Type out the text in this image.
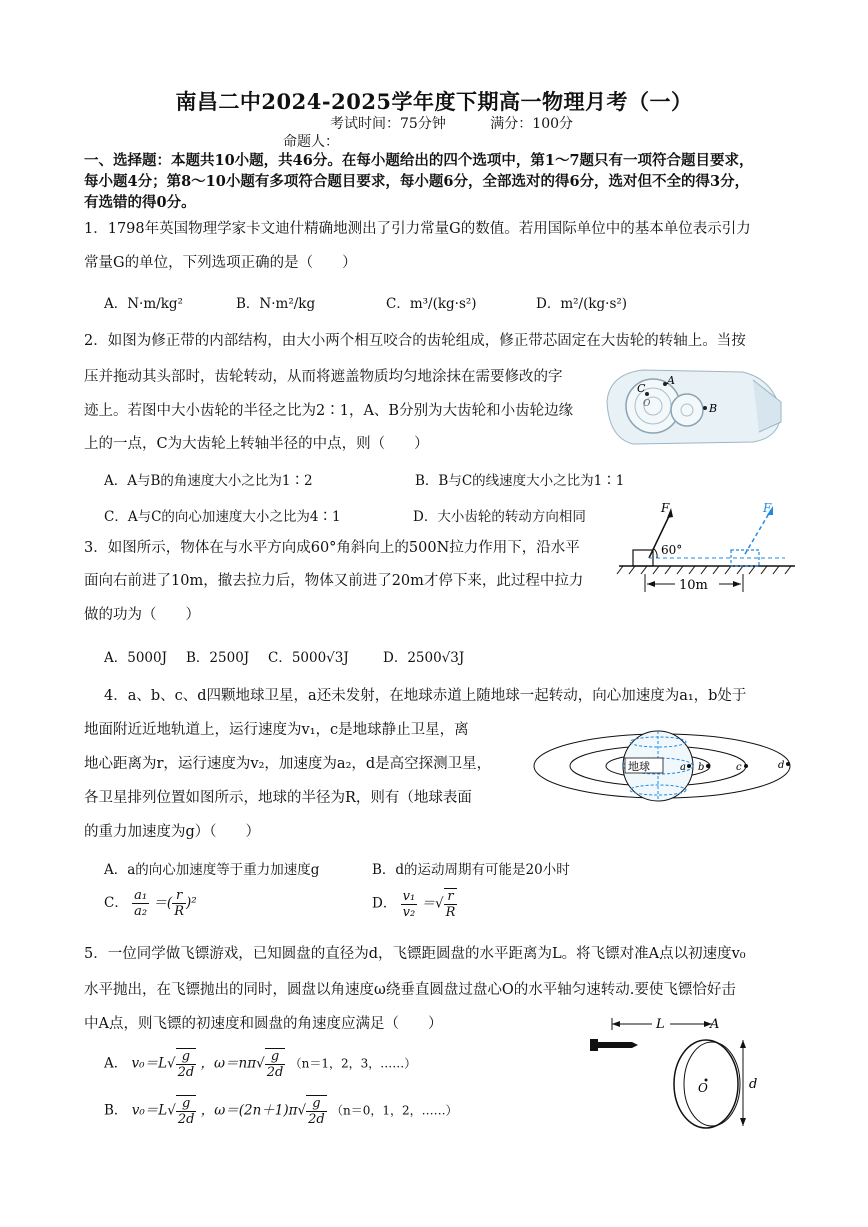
南昌二中2024-2025学年度下期高一物理月考（一）
考试时间：75分钟	满分：100分
命题人：
一、选择题：本题共10小题，共46分。在每小题给出的四个选项中，第1～7题只有一项符合题目要求，
每小题4分；第8～10小题有多项符合题目要求，每小题6分，全部选对的得6分，选对但不全的得3分，
有选错的得0分。
1．1798年英国物理学家卡文迪什精确地测出了引力常量G的数值。若用国际单位中的基本单位表示引力
常量G的单位，下列选项正确的是（　　）
A．N·m/kg²	B．N·m²/kg	C．m³/(kg·s²)	D．m²/(kg·s²)
2．如图为修正带的内部结构，由大小两个相互咬合的齿轮组成，修正带芯固定在大齿轮的转轴上。当按
压并拖动其头部时，齿轮转动，从而将遮盖物质均匀地涂抹在需要修改的字
迹上。若图中大小齿轮的半径之比为2∶1，A、B分别为大齿轮和小齿轮边缘
上的一点，C为大齿轮上转轴半径的中点，则（　　）
A．A与B的角速度大小之比为1∶2	B．B与C的线速度大小之比为1∶1
C．A与C的向心加速度大小之比为4∶1	D．大小齿轮的转动方向相同
C
A
B
O
3．如图所示，物体在与水平方向成60°角斜向上的500N拉力作用下，沿水平
面向右前进了10m，撤去拉力后，物体又前进了20m才停下来，此过程中拉力
做的功为（　　）
A．5000J B．2500J C．5000√3J	D．2500√3J
F
60°
F
10m
4．a、b、c、d四颗地球卫星，a还未发射，在地球赤道上随地球一起转动，向心加速度为a₁，b处于
地面附近近地轨道上，运行速度为v₁，c是地球静止卫星，离
地心距离为r，运行速度为v₂，加速度为a₂，d是高空探测卫星，
各卫星排列位置如图所示，地球的半径为R，则有（地球表面
的重力加速度为g）（　　）
A．a的向心加速度等于重力加速度g	B．d的运动周期有可能是20小时
C． $\frac{\text{a₁}}{\text{a₂}}$ ＝( $\frac{r}{R} )^2$	D． $\frac{\text{v₁}}{\text{v₂}}$ ＝√ $\frac{r}{R}$
地球	a b	c	d
5．一位同学做飞镖游戏，已知圆盘的直径为d，飞镖距圆盘的水平距离为L。将飞镖对准A点以初速度v₀
水平抛出，在飞镖抛出的同时，圆盘以角速度ω绕垂直圆盘过盘心O的水平轴匀速转动.要使飞镖恰好击
中A点，则飞镖的初速度和圆盘的角速度应满足（　　）
A． $v_0=L√ \frac{g}{2d}$ ，$\omega=n\pi√ \frac{g}{2d} (n=1$，2，3，……）
B． $v_0=L√ \frac{g}{2d}$ ，$\omega=(2n+1)\pi√ \frac{g}{2d} (n=0$，1，2，……）
L	A
O	d
